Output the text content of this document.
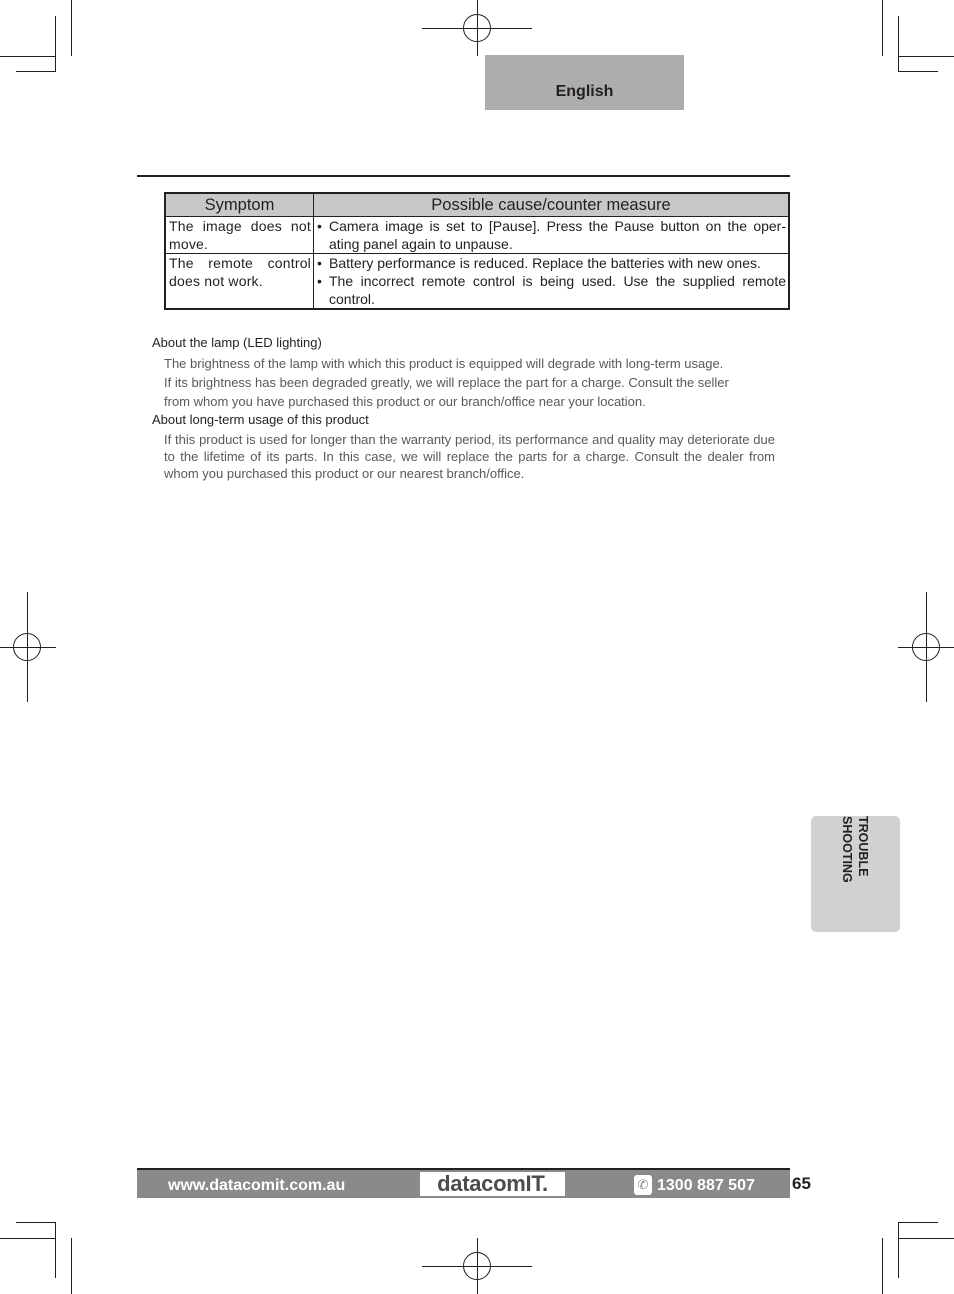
English
Symptom	Possible cause/counter measure
The image does not move.	• Camera image is set to [Pause]. Press the Pause button on the oper-ating panel again to unpause.

The remote control does not work.	• Battery performance is reduced. Replace the batteries with new ones.
• The incorrect remote control is being used. Use the supplied remote control.
About the lamp (LED lighting)
The brightness of the lamp with which this product is equipped will degrade with long-term usage.
If its brightness has been degraded greatly, we will replace the part for a charge. Consult the seller
from whom you have purchased this product or our branch/office near your location.
About long-term usage of this product
If this product is used for longer than the warranty period, its performance and quality may deteriorate due to the lifetime of its parts. In this case, we will replace the parts for a charge. Consult the dealer from whom you purchased this product or our nearest branch/office.
TROUBLE
SHOOTING
www.datacomit.com.au	datacomIT.	✆ 1300 887 507 65
